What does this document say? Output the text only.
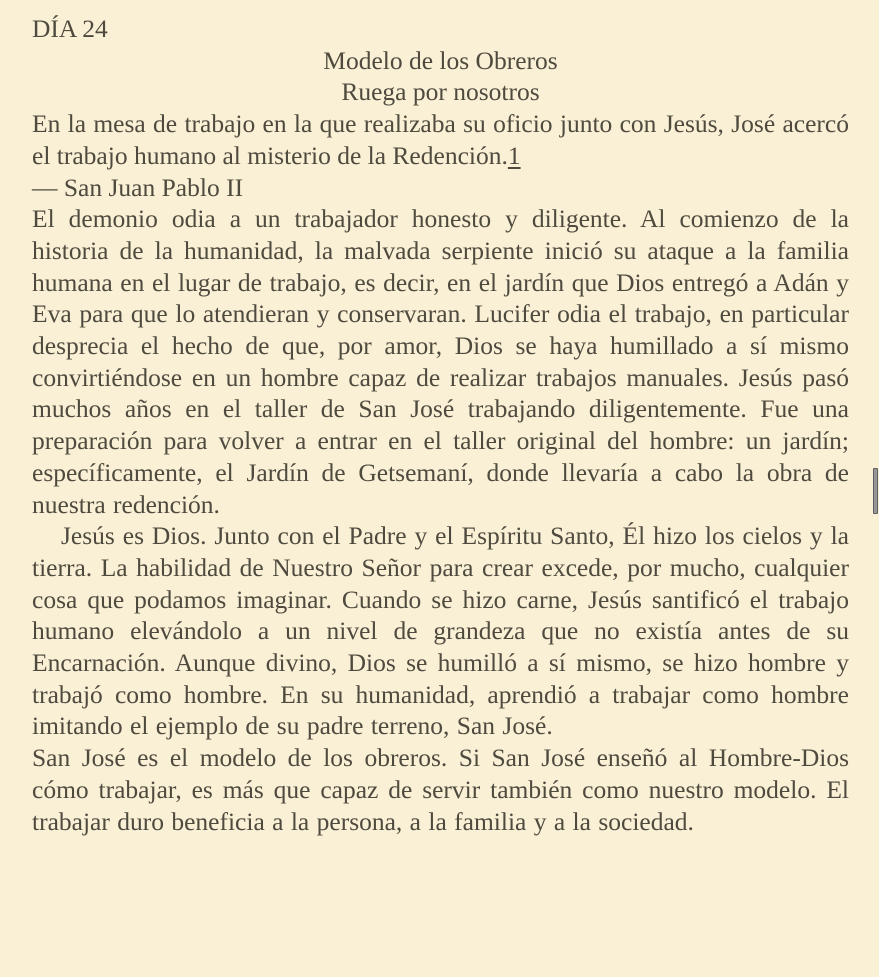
DÍA 24
Modelo de los Obreros
Ruega por nosotros

En la mesa de trabajo en la que realizaba su oficio junto con Jesús, José acercó el trabajo humano al misterio de la Redención.1

— San Juan Pablo II

El demonio odia a un trabajador honesto y diligente. Al comienzo de la historia de la humanidad, la malvada serpiente inició su ataque a la familia humana en el lugar de trabajo, es decir, en el jardín que Dios entregó a Adán y Eva para que lo atendieran y conservaran. Lucifer odia el trabajo, en particular desprecia el hecho de que, por amor, Dios se haya humillado a sí mismo convirtiéndose en un hombre capaz de realizar trabajos manuales. Jesús pasó muchos años en el taller de San José trabajando diligentemente. Fue una preparación para volver a entrar en el taller original del hombre: un jardín; específicamente, el Jardín de Getsemaní, donde llevaría a cabo la obra de nuestra redención.

Jesús es Dios. Junto con el Padre y el Espíritu Santo, Él hizo los cielos y la tierra. La habilidad de Nuestro Señor para crear excede, por mucho, cualquier cosa que podamos imaginar. Cuando se hizo carne, Jesús santificó el trabajo humano elevándolo a un nivel de grandeza que no existía antes de su Encarnación. Aunque divino, Dios se humilló a sí mismo, se hizo hombre y trabajó como hombre. En su humanidad, aprendió a trabajar como hombre imitando el ejemplo de su padre terreno, San José.

San José es el modelo de los obreros. Si San José enseñó al Hombre-Dios cómo trabajar, es más que capaz de servir también como nuestro modelo. El trabajar duro beneficia a la persona, a la familia y a la sociedad.
